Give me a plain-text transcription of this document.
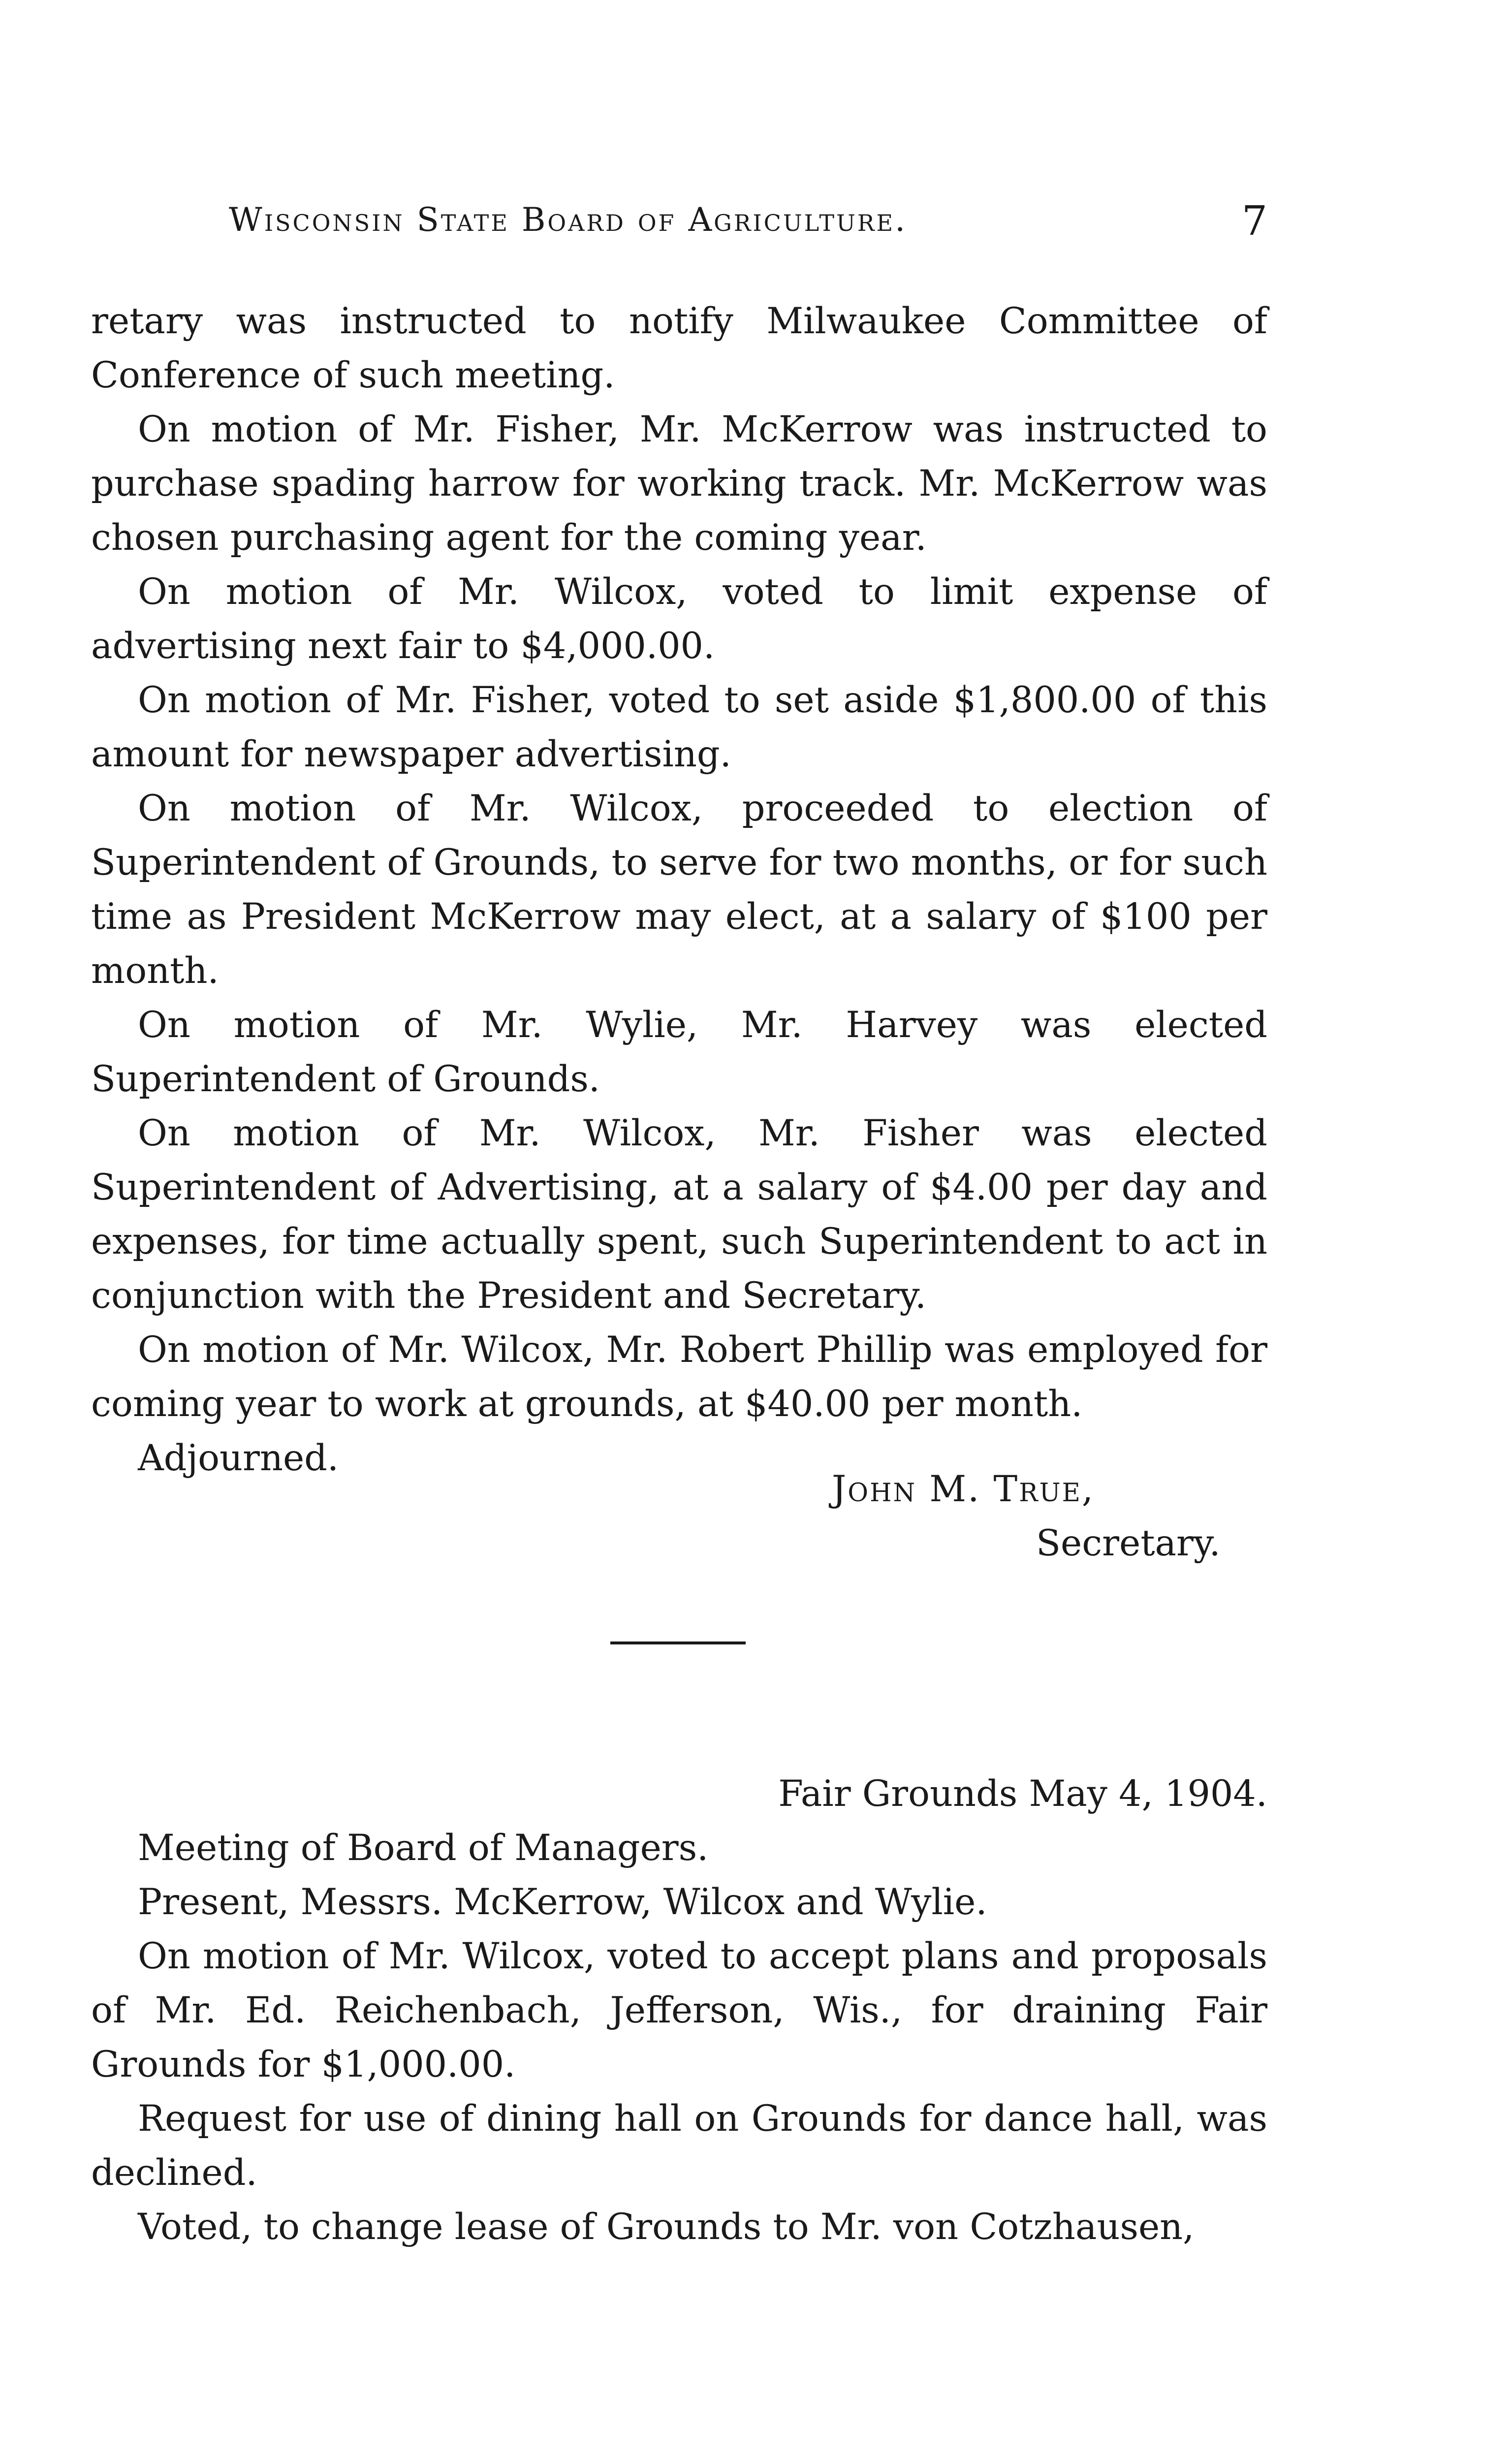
Wisconsin State Board of Agriculture.	7

retary was instructed to notify Milwaukee Committee of Conference of such meeting.

On motion of Mr. Fisher, Mr. McKerrow was instructed to purchase spading harrow for working track. Mr. McKerrow was chosen purchasing agent for the coming year.

On motion of Mr. Wilcox, voted to limit expense of advertising next fair to $4,000.00.

On motion of Mr. Fisher, voted to set aside $1,800.00 of this amount for newspaper advertising.

On motion of Mr. Wilcox, proceeded to election of Superintendent of Grounds, to serve for two months, or for such time as President McKerrow may elect, at a salary of $100 per month.

On motion of Mr. Wylie, Mr. Harvey was elected Superintendent of Grounds.

On motion of Mr. Wilcox, Mr. Fisher was elected Superintendent of Advertising, at a salary of $4.00 per day and expenses, for time actually spent, such Superintendent to act in conjunction with the President and Secretary.

On motion of Mr. Wilcox, Mr. Robert Phillip was employed for coming year to work at grounds, at $40.00 per month.

Adjourned.

John M. True,

Secretary.

Fair Grounds May 4, 1904.

Meeting of Board of Managers.

Present, Messrs. McKerrow, Wilcox and Wylie.

On motion of Mr. Wilcox, voted to accept plans and proposals of Mr. Ed. Reichenbach, Jefferson, Wis., for draining Fair Grounds for $1,000.00.

Request for use of dining hall on Grounds for dance hall, was declined.

Voted, to change lease of Grounds to Mr. von Cotzhausen,
